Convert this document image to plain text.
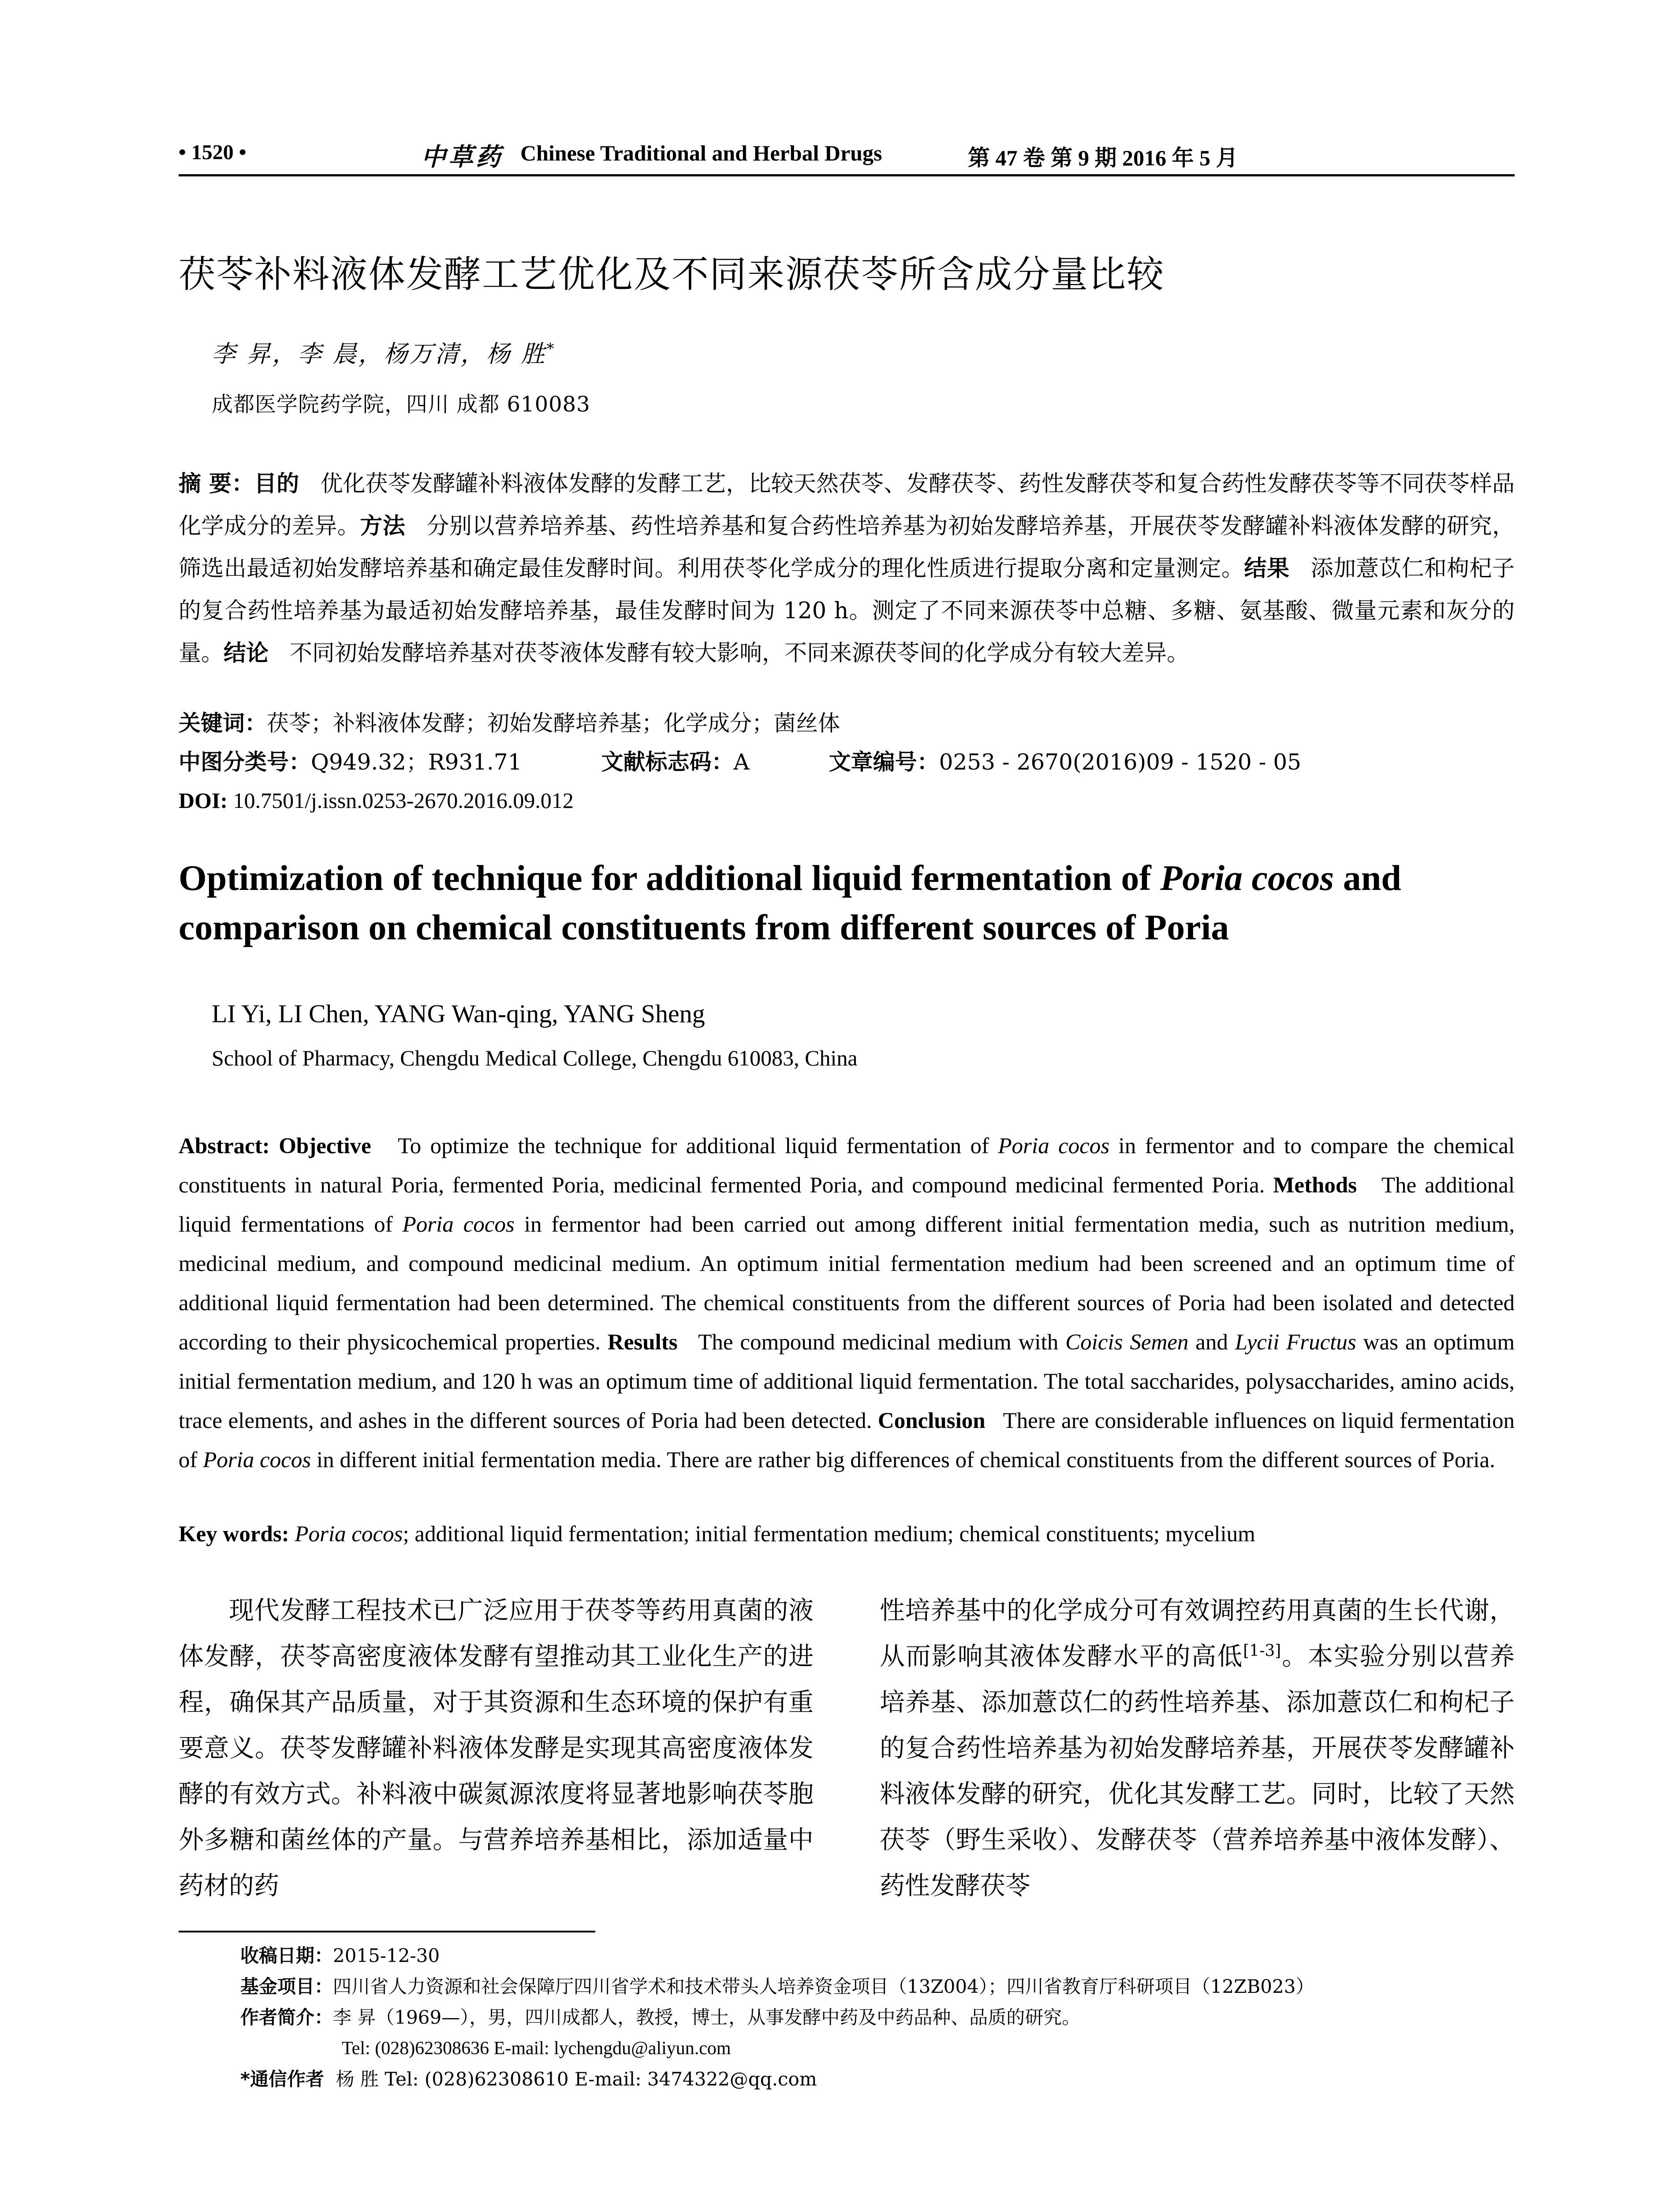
• 1520 •	中草药 Chinese Traditional and Herbal Drugs	第 47 卷 第 9 期 2016 年 5 月
茯苓补料液体发酵工艺优化及不同来源茯苓所含成分量比较
李 昇，李 晨，杨万清，杨 胜*
成都医学院药学院，四川 成都 610083
摘 要：目的 优化茯苓发酵罐补料液体发酵的发酵工艺，比较天然茯苓、发酵茯苓、药性发酵茯苓和复合药性发酵茯苓等不同茯苓样品化学成分的差异。方法 分别以营养培养基、药性培养基和复合药性培养基为初始发酵培养基，开展茯苓发酵罐补料液体发酵的研究，筛选出最适初始发酵培养基和确定最佳发酵时间。利用茯苓化学成分的理化性质进行提取分离和定量测定。结果 添加薏苡仁和枸杞子的复合药性培养基为最适初始发酵培养基，最佳发酵时间为 120 h。测定了不同来源茯苓中总糖、多糖、氨基酸、微量元素和灰分的量。结论 不同初始发酵培养基对茯苓液体发酵有较大影响，不同来源茯苓间的化学成分有较大差异。
关键词：茯苓；补料液体发酵；初始发酵培养基；化学成分；菌丝体
中图分类号：Q949.32；R931.71	文献标志码：A	文章编号：0253 - 2670(2016)09 - 1520 - 05
DOI: 10.7501/j.issn.0253-2670.2016.09.012
Optimization of technique for additional liquid fermentation of Poria cocos and comparison on chemical constituents from different sources of Poria
LI Yi, LI Chen, YANG Wan-qing, YANG Sheng
School of Pharmacy, Chengdu Medical College, Chengdu 610083, China
Abstract: Objective To optimize the technique for additional liquid fermentation of Poria cocos in fermentor and to compare the chemical constituents in natural Poria, fermented Poria, medicinal fermented Poria, and compound medicinal fermented Poria. Methods The additional liquid fermentations of Poria cocos in fermentor had been carried out among different initial fermentation media, such as nutrition medium, medicinal medium, and compound medicinal medium. An optimum initial fermentation medium had been screened and an optimum time of additional liquid fermentation had been determined. The chemical constituents from the different sources of Poria had been isolated and detected according to their physicochemical properties. Results The compound medicinal medium with Coicis Semen and Lycii Fructus was an optimum initial fermentation medium, and 120 h was an optimum time of additional liquid fermentation. The total saccharides, polysaccharides, amino acids, trace elements, and ashes in the different sources of Poria had been detected. Conclusion There are considerable influences on liquid fermentation of Poria cocos in different initial fermentation media. There are rather big differences of chemical constituents from the different sources of Poria.
Key words: Poria cocos; additional liquid fermentation; initial fermentation medium; chemical constituents; mycelium
现代发酵工程技术已广泛应用于茯苓等药用真菌的液体发酵，茯苓高密度液体发酵有望推动其工业化生产的进程，确保其产品质量，对于其资源和生态环境的保护有重要意义。茯苓发酵罐补料液体发酵是实现其高密度液体发酵的有效方式。补料液中碳氮源浓度将显著地影响茯苓胞外多糖和菌丝体的产量。与营养培养基相比，添加适量中药材的药
性培养基中的化学成分可有效调控药用真菌的生长代谢，从而影响其液体发酵水平的高低[1-3]。本实验分别以营养培养基、添加薏苡仁的药性培养基、添加薏苡仁和枸杞子的复合药性培养基为初始发酵培养基，开展茯苓发酵罐补料液体发酵的研究，优化其发酵工艺。同时，比较了天然茯苓（野生采收）、发酵茯苓（营养培养基中液体发酵）、药性发酵茯苓
收稿日期：2015-12-30
基金项目：四川省人力资源和社会保障厅四川省学术和技术带头人培养资金项目（13Z004）；四川省教育厅科研项目（12ZB023）
作者简介：李 昇（1969—），男，四川成都人，教授，博士，从事发酵中药及中药品种、品质的研究。
Tel: (028)62308636 E-mail: lychengdu@aliyun.com
*通信作者 杨 胜 Tel: (028)62308610 E-mail: 3474322@qq.com
